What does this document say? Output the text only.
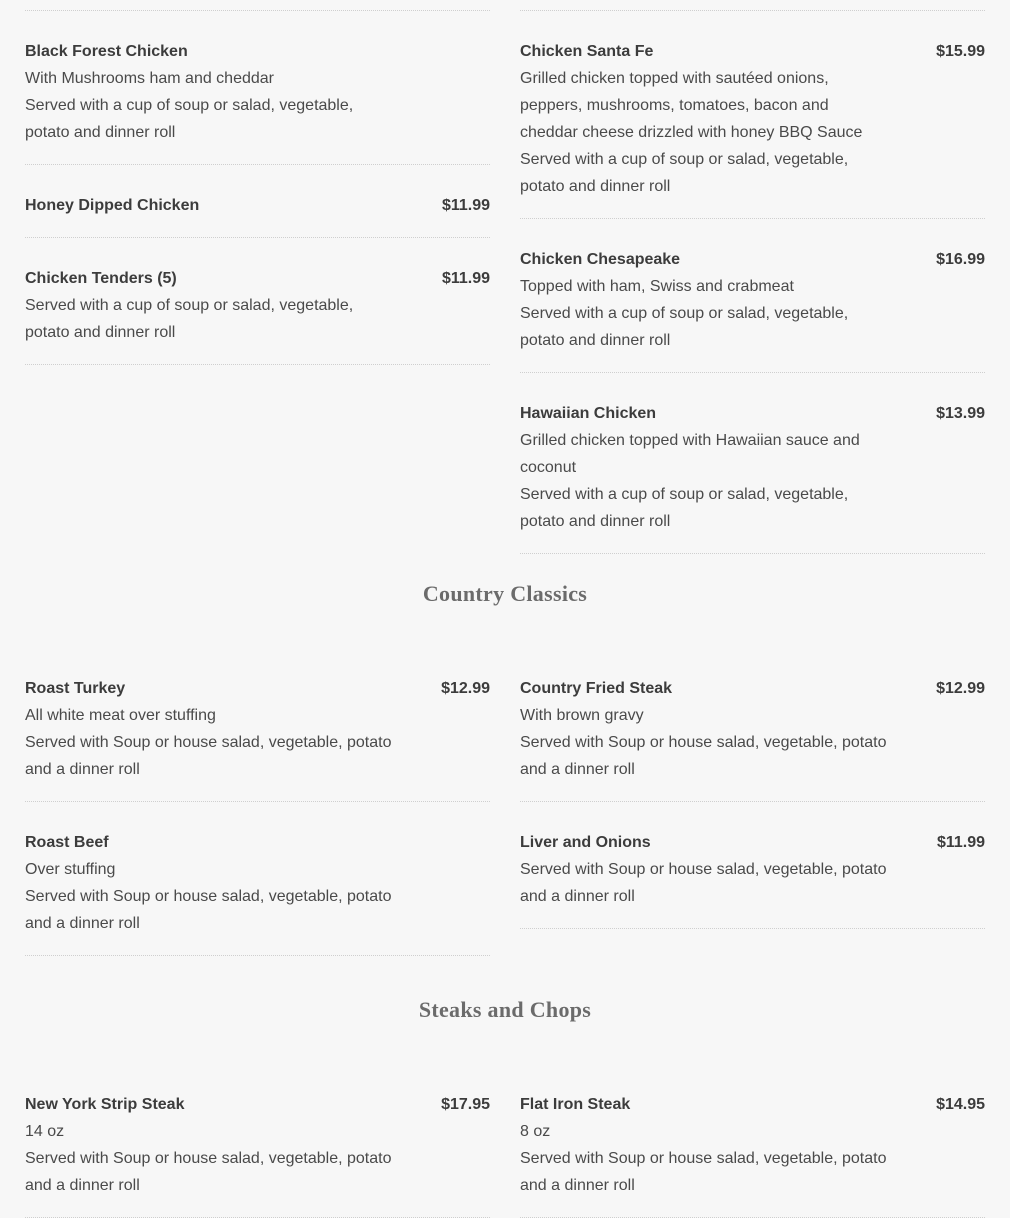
Black Forest Chicken
With Mushrooms ham and cheddar
Served with a cup of soup or salad, vegetable, potato and dinner roll
Honey Dipped Chicken	$11.99
Chicken Tenders (5)	$11.99
Served with a cup of soup or salad, vegetable, potato and dinner roll
Chicken Santa Fe	$15.99
Grilled chicken topped with sautéed onions, peppers, mushrooms, tomatoes, bacon and cheddar cheese drizzled with honey BBQ Sauce
Served with a cup of soup or salad, vegetable, potato and dinner roll
Chicken Chesapeake	$16.99
Topped with ham, Swiss and crabmeat
Served with a cup of soup or salad, vegetable, potato and dinner roll
Hawaiian Chicken	$13.99
Grilled chicken topped with Hawaiian sauce and coconut
Served with a cup of soup or salad, vegetable, potato and dinner roll
Country Classics
Roast Turkey	$12.99
All white meat over stuffing
Served with Soup or house salad, vegetable, potato and a dinner roll
Roast Beef
Over stuffing
Served with Soup or house salad, vegetable, potato and a dinner roll
Country Fried Steak	$12.99
With brown gravy
Served with Soup or house salad, vegetable, potato and a dinner roll
Liver and Onions	$11.99
Served with Soup or house salad, vegetable, potato and a dinner roll
Steaks and Chops
New York Strip Steak	$17.95
14 oz
Served with Soup or house salad, vegetable, potato and a dinner roll
Flat Iron Steak	$14.95
8 oz
Served with Soup or house salad, vegetable, potato and a dinner roll
